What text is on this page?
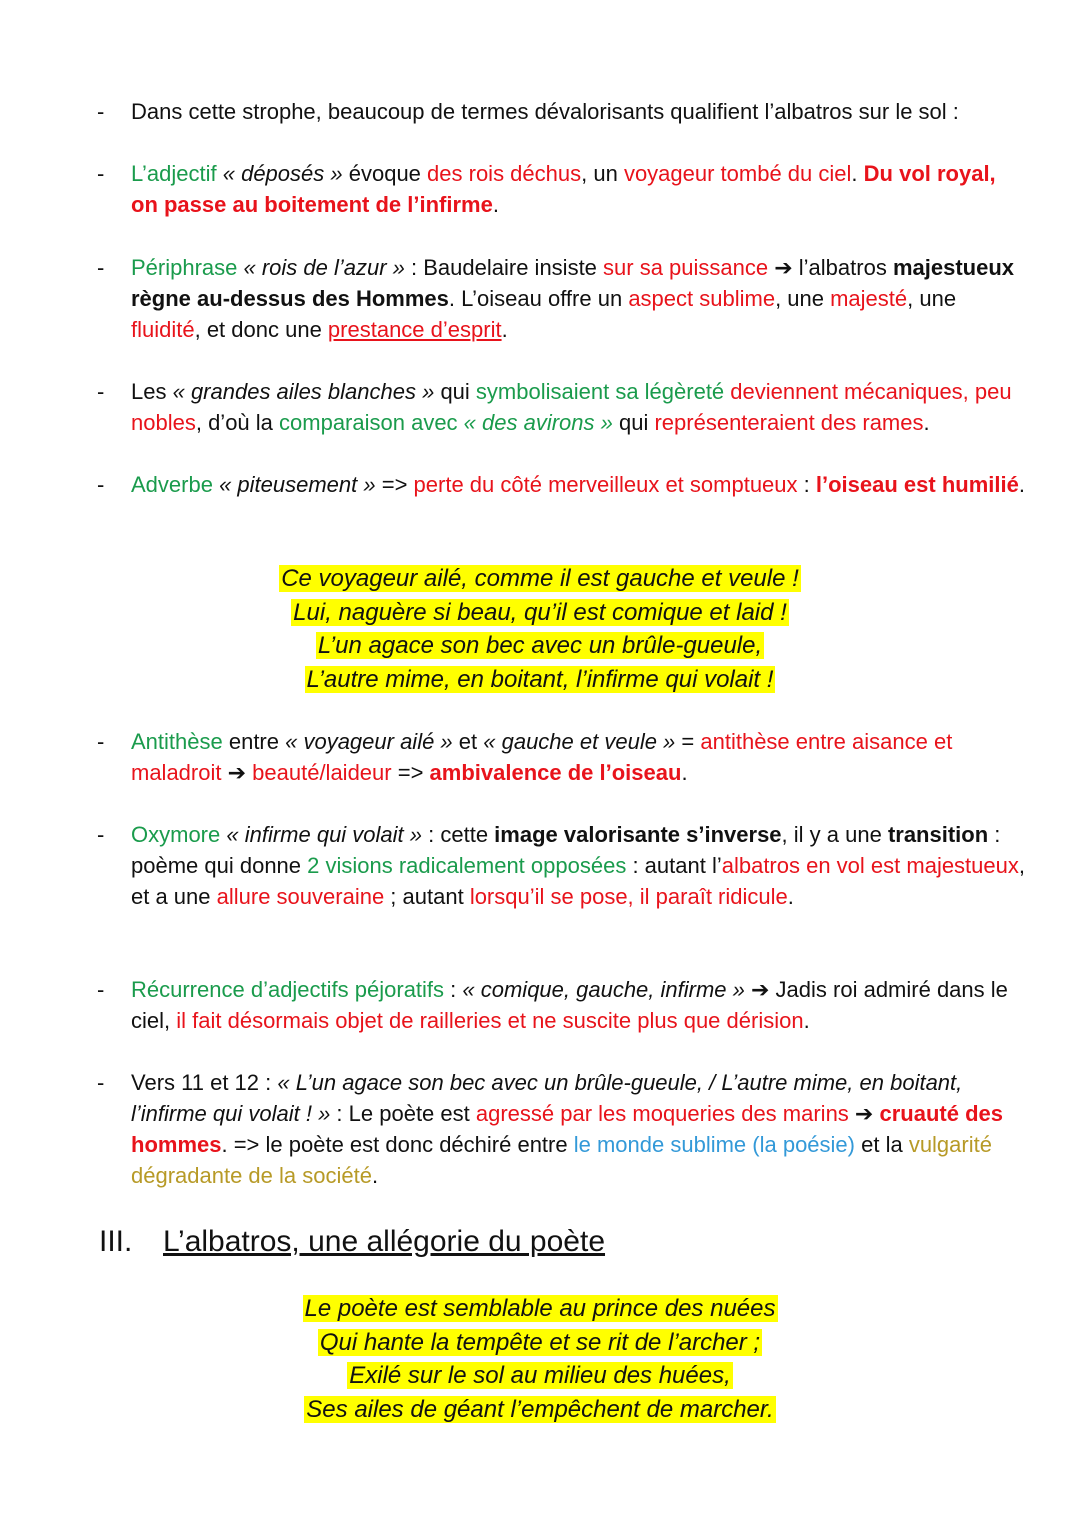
- Dans cette strophe, beaucoup de termes dévalorisants qualifient l’albatros sur le sol :
- L’adjectif « déposés » évoque des rois déchus, un voyageur tombé du ciel. Du vol royal, on passe au boitement de l’infirme.
- Périphrase « rois de l’azur » : Baudelaire insiste sur sa puissance ➔ l’albatros majestueux règne au-dessus des Hommes. L’oiseau offre un aspect sublime, une majesté, une fluidité, et donc une prestance d’esprit.
- Les « grandes ailes blanches » qui symbolisaient sa légèreté deviennent mécaniques, peu nobles, d’où la comparaison avec « des avirons » qui représenteraient des rames.
- Adverbe « piteusement » => perte du côté merveilleux et somptueux : l’oiseau est humilié.
Ce voyageur ailé, comme il est gauche et veule !
Lui, naguère si beau, qu’il est comique et laid !
L’un agace son bec avec un brûle-gueule,
L’autre mime, en boitant, l’infirme qui volait !
- Antithèse entre « voyageur ailé » et « gauche et veule » = antithèse entre aisance et maladroit ➔ beauté/laideur => ambivalence de l’oiseau.
- Oxymore « infirme qui volait » : cette image valorisante s’inverse, il y a une transition : poème qui donne 2 visions radicalement opposées : autant l’albatros en vol est majestueux, et a une allure souveraine ; autant lorsqu’il se pose, il paraît ridicule.
- Récurrence d’adjectifs péjoratifs : « comique, gauche, infirme » ➔ Jadis roi admiré dans le ciel, il fait désormais objet de railleries et ne suscite plus que dérision.
- Vers 11 et 12 : « L’un agace son bec avec un brûle-gueule, / L’autre mime, en boitant, l’infirme qui volait ! » : Le poète est agressé par les moqueries des marins ➔ cruauté des hommes. => le poète est donc déchiré entre le monde sublime (la poésie) et la vulgarité dégradante de la société.
III. L’albatros, une allégorie du poète
Le poète est semblable au prince des nuées
Qui hante la tempête et se rit de l’archer ;
Exilé sur le sol au milieu des huées,
Ses ailes de géant l’empêchent de marcher.
